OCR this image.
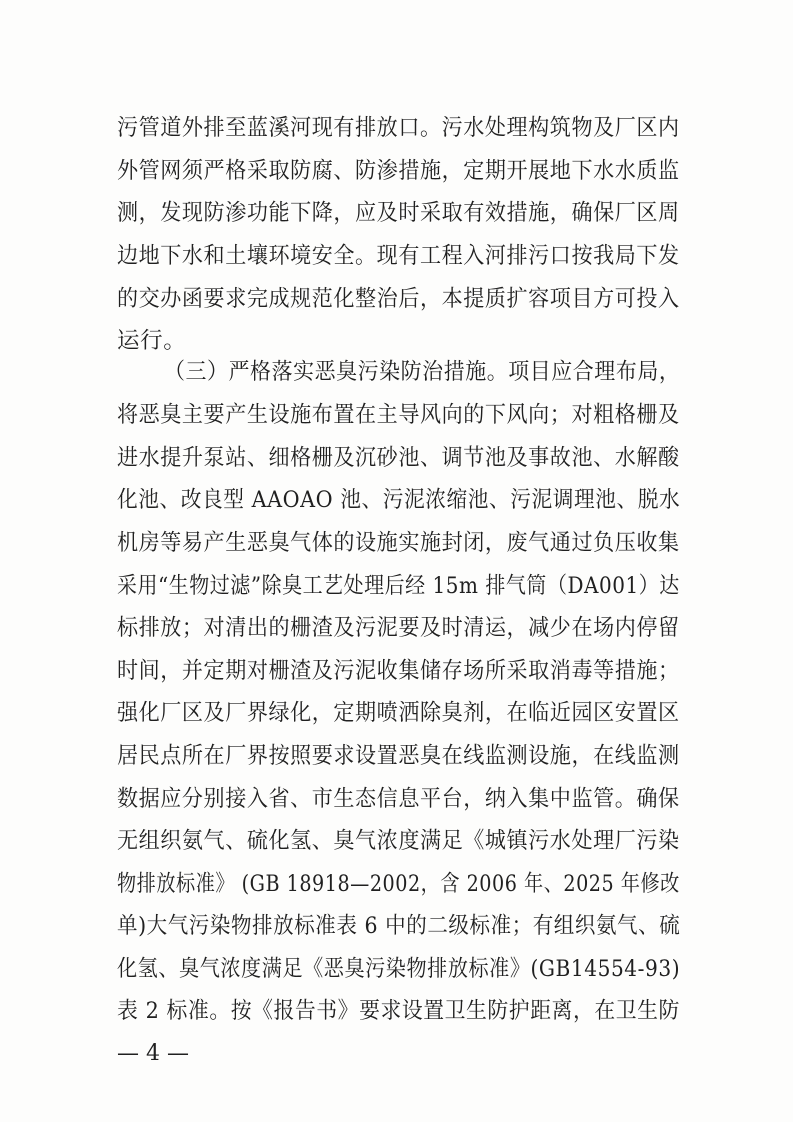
污管道外排至蓝溪河现有排放口。污水处理构筑物及厂区内
外管网须严格采取防腐、防渗措施，定期开展地下水水质监
测，发现防渗功能下降，应及时采取有效措施，确保厂区周
边地下水和土壤环境安全。现有工程入河排污口按我局下发
的交办函要求完成规范化整治后，本提质扩容项目方可投入
运行。
（三）严格落实恶臭污染防治措施。项目应合理布局，
将恶臭主要产生设施布置在主导风向的下风向；对粗格栅及
进水提升泵站、细格栅及沉砂池、调节池及事故池、水解酸
化池、改良型 AAOAO 池、污泥浓缩池、污泥调理池、脱水
机房等易产生恶臭气体的设施实施封闭，废气通过负压收集
采用“生物过滤”除臭工艺处理后经 15m 排气筒（DA001）达
标排放；对清出的栅渣及污泥要及时清运，减少在场内停留
时间，并定期对栅渣及污泥收集储存场所采取消毒等措施；
强化厂区及厂界绿化，定期喷洒除臭剂，在临近园区安置区
居民点所在厂界按照要求设置恶臭在线监测设施，在线监测
数据应分别接入省、市生态信息平台，纳入集中监管。确保
无组织氨气、硫化氢、臭气浓度满足《城镇污水处理厂污染
物排放标准》 (GB 18918—2002，含 2006 年、2025 年修改
单)大气污染物排放标准表 6 中的二级标准；有组织氨气、硫
化氢、臭气浓度满足《恶臭污染物排放标准》(GB14554-93)
表 2 标准。按《报告书》要求设置卫生防护距离，在卫生防
— 4 —
